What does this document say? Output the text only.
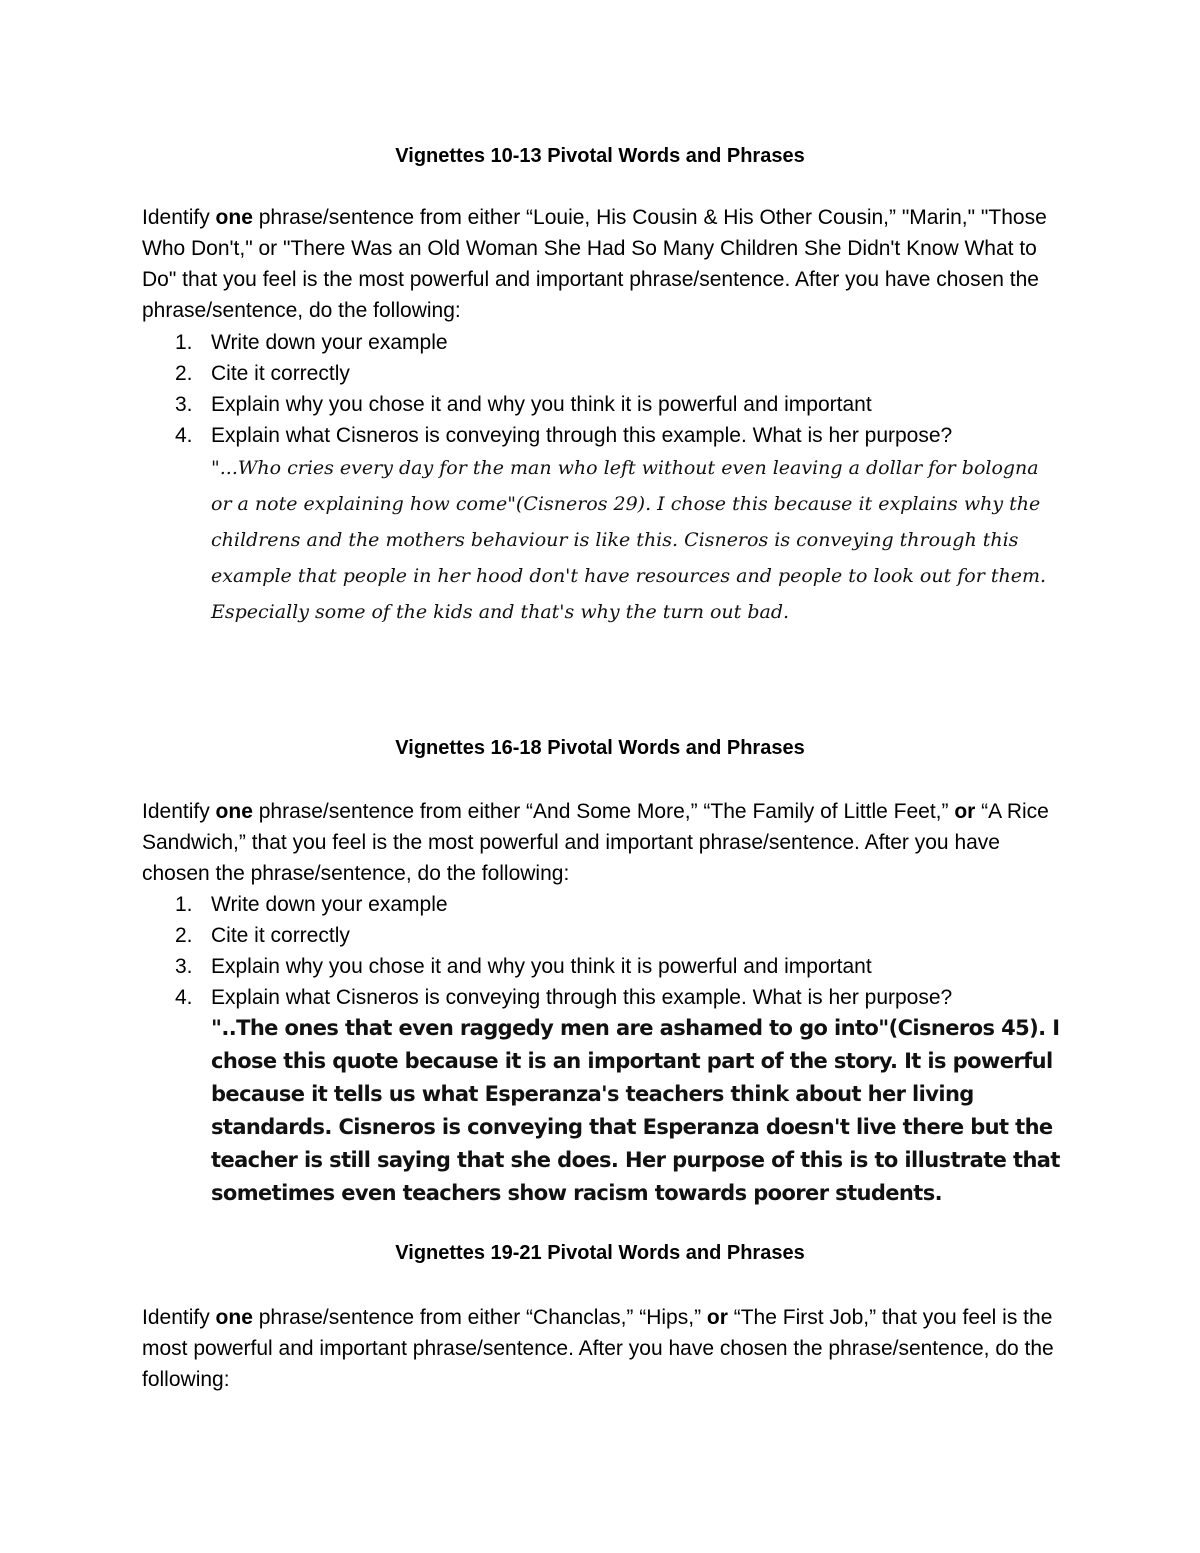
Vignettes 10-13 Pivotal Words and Phrases
Identify one phrase/sentence from either “Louie, His Cousin & His Other Cousin,” "Marin," "Those Who Don't," or "There Was an Old Woman She Had So Many Children She Didn't Know What to Do" that you feel is the most powerful and important phrase/sentence. After you have chosen the phrase/sentence, do the following:
1. Write down your example
2. Cite it correctly
3. Explain why you chose it and why you think it is powerful and important
4. Explain what Cisneros is conveying through this example. What is her purpose?
"...Who cries every day for the man who left without even leaving a dollar for bologna or a note explaining how come"(Cisneros 29). I chose this because it explains why the childrens and the mothers behaviour is like this. Cisneros is conveying through this example that people in her hood don't have resources and people to look out for them. Especially some of the kids and that's why the turn out bad.
Vignettes 16-18 Pivotal Words and Phrases
Identify one phrase/sentence from either “And Some More,” “The Family of Little Feet,” or “A Rice Sandwich,” that you feel is the most powerful and important phrase/sentence. After you have chosen the phrase/sentence, do the following:
1. Write down your example
2. Cite it correctly
3. Explain why you chose it and why you think it is powerful and important
4. Explain what Cisneros is conveying through this example. What is her purpose?
"..The ones that even raggedy men are ashamed to go into"(Cisneros 45). I chose this quote because it is an important part of the story. It is powerful because it tells us what Esperanza's teachers think about her living standards. Cisneros is conveying that Esperanza doesn't live there but the teacher is still saying that she does. Her purpose of this is to illustrate that sometimes even teachers show racism towards poorer students.
Vignettes 19-21 Pivotal Words and Phrases
Identify one phrase/sentence from either “Chanclas,” “Hips,” or “The First Job,” that you feel is the most powerful and important phrase/sentence. After you have chosen the phrase/sentence, do the following:
